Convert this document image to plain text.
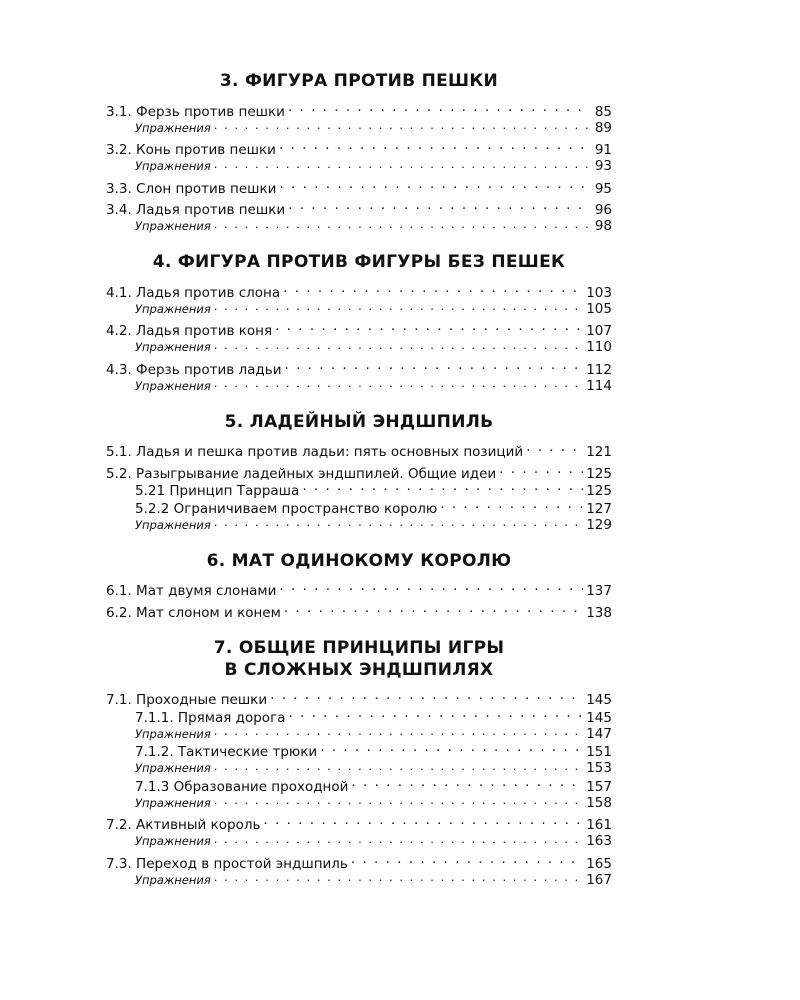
3. ФИГУРА ПРОТИВ ПЕШКИ
3.1. Ферзь против пешки . . .	85
Упражнения . . .	89
3.2. Конь против пешки . . .	91
Упражнения . . .	93
3.3. Слон против пешки . . .	95
3.4. Ладья против пешки . . .	96
Упражнения . . .	98
4. ФИГУРА ПРОТИВ ФИГУРЫ БЕЗ ПЕШЕК
4.1. Ладья против слона . . .	103
Упражнения . . .	105
4.2. Ладья против коня . . .	107
Упражнения . . .	110
4.3. Ферзь против ладьи . . .	112
Упражнения . . .	114
5. ЛАДЕЙНЫЙ ЭНДШПИЛЬ
5.1. Ладья и пешка против ладьи: пять основных позиций . . .	121
5.2. Разыгрывание ладейных эндшпилей. Общие идеи . . .	125
5.21 Принцип Тарраша . . .	125
5.2.2 Ограничиваем пространство королю . . .	127
Упражнения . . .	129
6. МАТ ОДИНОКОМУ КОРОЛЮ
6.1. Мат двумя слонами . . .	137
6.2. Мат слоном и конем . . .	138
7. ОБЩИЕ ПРИНЦИПЫ ИГРЫ
В СЛОЖНЫХ ЭНДШПИЛЯХ
7.1. Проходные пешки . . .	145
7.1.1. Прямая дорога . . .	145
Упражнения . . .	147
7.1.2. Тактические трюки . . .	151
Упражнения . . .	153
7.1.3 Образование проходной . . .	157
Упражнения . . .	158
7.2. Активный король . . .	161
Упражнения . . .	163
7.3. Переход в простой эндшпиль . . .	165
Упражнения . . .	167
